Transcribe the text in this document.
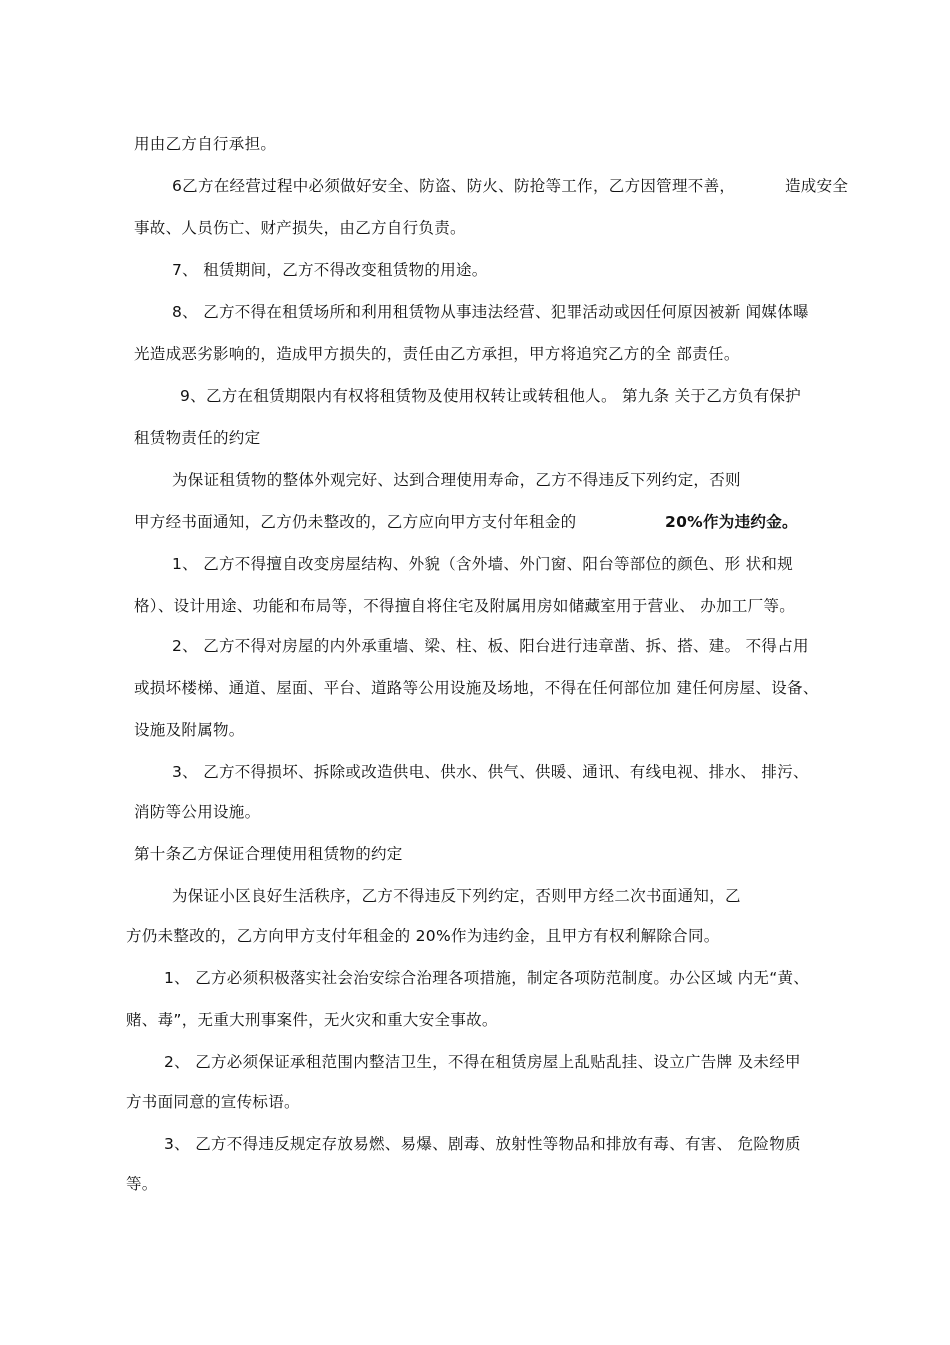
用由乙方自行承担。

6乙方在经营过程中必须做好安全、防盗、防火、防抢等工作，乙方因管理不善，	造成安全

事故、人员伤亡、财产损失，由乙方自行负责。

7、 租赁期间，乙方不得改变租赁物的用途。

8、 乙方不得在租赁场所和利用租赁物从事违法经营、犯罪活动或因任何原因被新 闻媒体曝

光造成恶劣影响的，造成甲方损失的，责任由乙方承担，甲方将追究乙方的全 部责任。

9、乙方在租赁期限内有权将租赁物及使用权转让或转租他人。 第九条 关于乙方负有保护

租赁物责任的约定

为保证租赁物的整体外观完好、达到合理使用寿命，乙方不得违反下列约定，否则

甲方经书面通知，乙方仍未整改的，乙方应向甲方支付年租金的	20%作为违约金。

1、 乙方不得擅自改变房屋结构、外貌（含外墙、外门窗、阳台等部位的颜色、形 状和规

格）、设计用途、功能和布局等，不得擅自将住宅及附属用房如储藏室用于营业、 办加工厂等。

2、 乙方不得对房屋的内外承重墙、梁、柱、板、阳台进行违章凿、拆、搭、建。 不得占用

或损坏楼梯、通道、屋面、平台、道路等公用设施及场地，不得在任何部位加 建任何房屋、设备、

设施及附属物。

3、 乙方不得损坏、拆除或改造供电、供水、供气、供暖、通讯、有线电视、排水、 排污、

消防等公用设施。

第十条乙方保证合理使用租赁物的约定

为保证小区良好生活秩序，乙方不得违反下列约定，否则甲方经二次书面通知，乙

方仍未整改的，乙方向甲方支付年租金的 20%作为违约金，且甲方有权利解除合同。

1、 乙方必须积极落实社会治安综合治理各项措施，制定各项防范制度。办公区域 内无“黄、

赌、毒”，无重大刑事案件，无火灾和重大安全事故。

2、 乙方必须保证承租范围内整洁卫生，不得在租赁房屋上乱贴乱挂、设立广告牌 及未经甲

方书面同意的宣传标语。

3、 乙方不得违反规定存放易燃、易爆、剧毒、放射性等物品和排放有毒、有害、 危险物质

等。
